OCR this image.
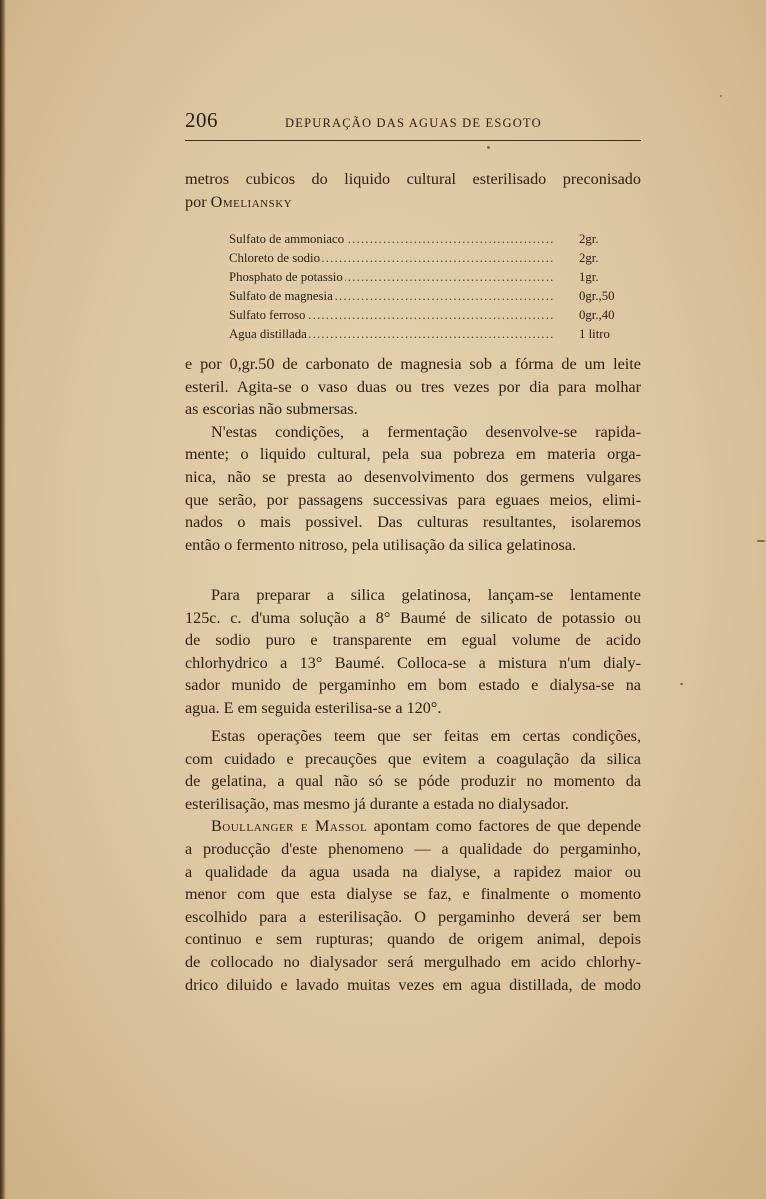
206	DEPURAÇÃO DAS AGUAS DE ESGOTO

metros cubicos do liquido cultural esterilisado preconisado

por Omeliansky

. . .
Sulfato de ammoniaco	2gr.
. . .
Chloreto de sodio	2gr.
. . .
Phosphato de potassio	1gr.
. . .
Sulfato de magnesia	0gr.,50
. . .
Sulfato ferroso	0gr.,40
. . .
Agua distillada	1 litro

e por 0,gr.50 de carbonato de magnesia sob a fórma de um leite

esteril. Agita-se o vaso duas ou tres vezes por dia para molhar

as escorias não submersas.

N'estas condições, a fermentação desenvolve-se rapida-

mente; o liquido cultural, pela sua pobreza em materia orga-

nica, não se presta ao desenvolvimento dos germens vulgares

que serão, por passagens successivas para eguaes meios, elimi-

nados o mais possivel. Das culturas resultantes, isolaremos

então o fermento nitroso, pela utilisação da silica gelatinosa.

Para preparar a silica gelatinosa, lançam-se lentamente

125c. c. d'uma solução a 8° Baumé de silicato de potassio ou

de sodio puro e transparente em egual volume de acido

chlorhydrico a 13° Baumé. Colloca-se a mistura n'um dialy-

sador munido de pergaminho em bom estado e dialysa-se na

agua. E em seguida esterilisa-se a 120°.

Estas operações teem que ser feitas em certas condições,

com cuidado e precauções que evitem a coagulação da silica

de gelatina, a qual não só se póde produzir no momento da

esterilisação, mas mesmo já durante a estada no dialysador.

Boullanger e Massol apontam como factores de que depende

a producção d'este phenomeno — a qualidade do pergaminho,

a qualidade da agua usada na dialyse, a rapidez maior ou

menor com que esta dialyse se faz, e finalmente o momento

escolhido para a esterilisação. O pergaminho deverá ser bem

continuo e sem rupturas; quando de origem animal, depois

de collocado no dialysador será mergulhado em acido chlorhy-

drico diluido e lavado muitas vezes em agua distillada, de modo
